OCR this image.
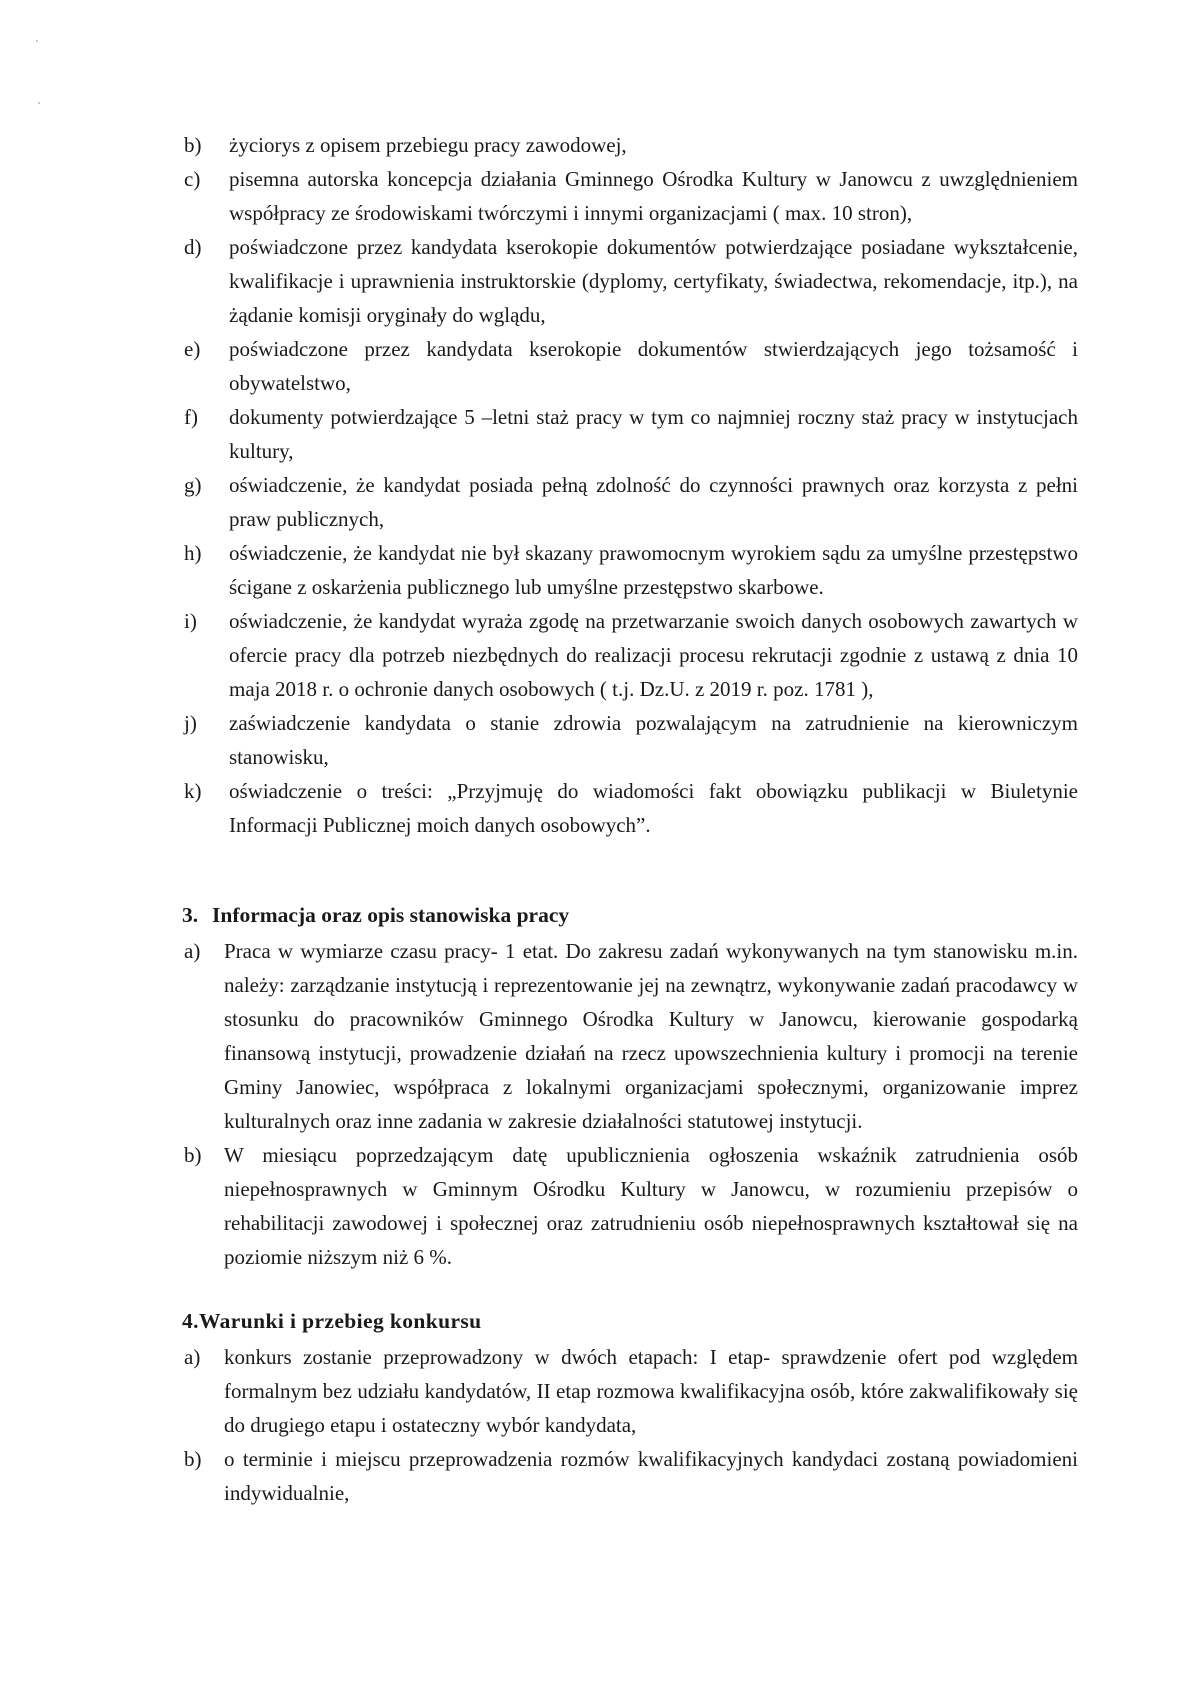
b) życiorys z opisem przebiegu pracy zawodowej,
c) pisemna autorska koncepcja działania Gminnego Ośrodka Kultury w Janowcu z uwzględnieniem współpracy ze środowiskami twórczymi i innymi organizacjami ( max. 10 stron),
d) poświadczone przez kandydata kserokopie dokumentów potwierdzające posiadane wykształcenie, kwalifikacje i uprawnienia instruktorskie (dyplomy, certyfikaty, świadectwa, rekomendacje, itp.), na żądanie komisji oryginały do wglądu,
e) poświadczone przez kandydata kserokopie dokumentów stwierdzających jego tożsamość i obywatelstwo,
f) dokumenty potwierdzające 5 –letni staż pracy w tym co najmniej roczny staż pracy w instytucjach kultury,
g) oświadczenie, że kandydat posiada pełną zdolność do czynności prawnych oraz korzysta z pełni praw publicznych,
h) oświadczenie, że kandydat nie był skazany prawomocnym wyrokiem sądu za umyślne przestępstwo ścigane z oskarżenia publicznego lub umyślne przestępstwo skarbowe.
i) oświadczenie, że kandydat wyraża zgodę na przetwarzanie swoich danych osobowych zawartych w ofercie pracy dla potrzeb niezbędnych do realizacji procesu rekrutacji zgodnie z ustawą z dnia 10 maja 2018 r. o ochronie danych osobowych ( t.j. Dz.U. z 2019 r. poz. 1781 ),
j) zaświadczenie kandydata o stanie zdrowia pozwalającym na zatrudnienie na kierowniczym stanowisku,
k) oświadczenie o treści: „Przyjmuję do wiadomości fakt obowiązku publikacji w Biuletynie Informacji Publicznej moich danych osobowych”.
3. Informacja oraz opis stanowiska pracy
a) Praca w wymiarze czasu pracy- 1 etat. Do zakresu zadań wykonywanych na tym stanowisku m.in. należy: zarządzanie instytucją i reprezentowanie jej na zewnątrz, wykonywanie zadań pracodawcy w stosunku do pracowników Gminnego Ośrodka Kultury w Janowcu, kierowanie gospodarką finansową instytucji, prowadzenie działań na rzecz upowszechnienia kultury i promocji na terenie Gminy Janowiec, współpraca z lokalnymi organizacjami społecznymi, organizowanie imprez kulturalnych oraz inne zadania w zakresie działalności statutowej instytucji.
b) W miesiącu poprzedzającym datę upublicznienia ogłoszenia wskaźnik zatrudnienia osób niepełnosprawnych w Gminnym Ośrodku Kultury w Janowcu, w rozumieniu przepisów o rehabilitacji zawodowej i społecznej oraz zatrudnieniu osób niepełnosprawnych kształtował się na poziomie niższym niż 6 %.
4.Warunki i przebieg konkursu
a) konkurs zostanie przeprowadzony w dwóch etapach: I etap- sprawdzenie ofert pod względem formalnym bez udziału kandydatów, II etap rozmowa kwalifikacyjna osób, które zakwalifikowały się do drugiego etapu i ostateczny wybór kandydata,
b) o terminie i miejscu przeprowadzenia rozmów kwalifikacyjnych kandydaci zostaną powiadomieni indywidualnie,
